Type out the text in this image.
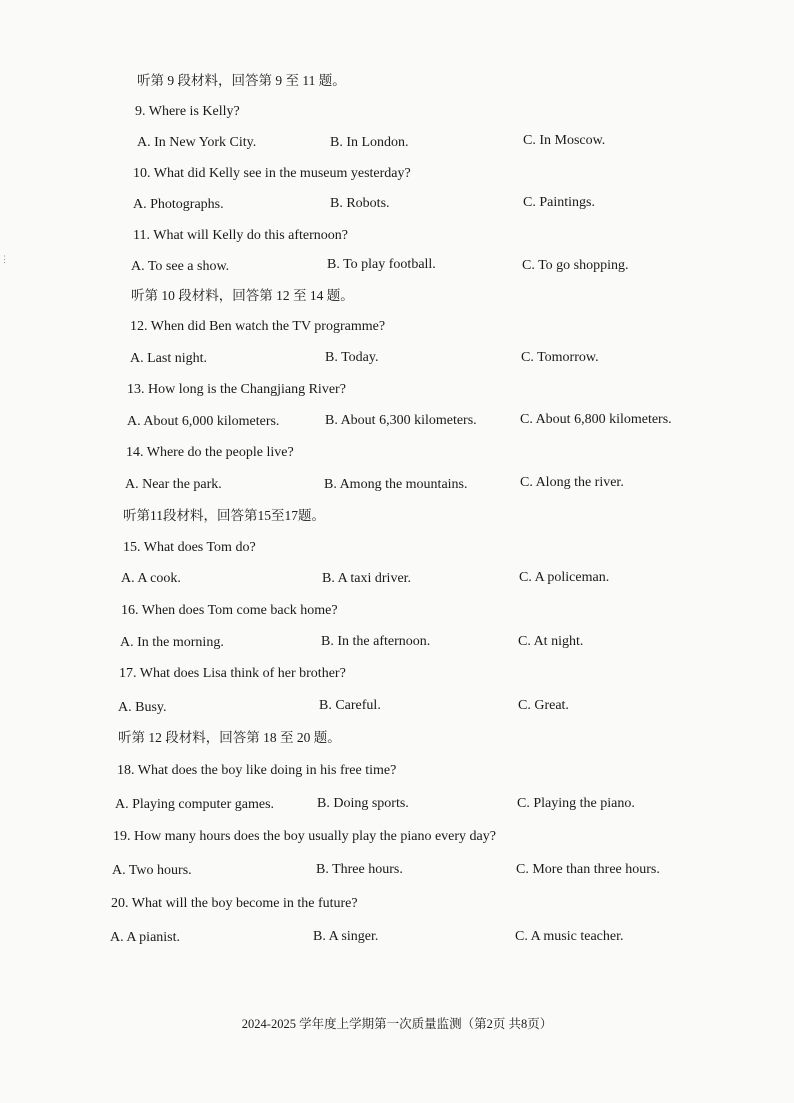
⋮
听第 9 段材料，回答第 9 至 11 题。
9. Where is Kelly?
A. In New York City.	B. In London.	C. In Moscow.
10. What did Kelly see in the museum yesterday?
A. Photographs.	B. Robots.	C. Paintings.
11. What will Kelly do this afternoon?
A. To see a show.	B. To play football.	C. To go shopping.
听第 10 段材料，回答第 12 至 14 题。
12. When did Ben watch the TV programme?
A. Last night.	B. Today.	C. Tomorrow.
13. How long is the Changjiang River?
A. About 6,000 kilometers.	B. About 6,300 kilometers.	C. About 6,800 kilometers.
14. Where do the people live?
A. Near the park.	B. Among the mountains.	C. Along the river.
听第11段材料，回答第15至17题。
15. What does Tom do?
A. A cook.	B. A taxi driver.	C. A policeman.
16. When does Tom come back home?
A. In the morning.	B. In the afternoon.	C. At night.
17. What does Lisa think of her brother?
A. Busy.	B. Careful.	C. Great.
听第 12 段材料，回答第 18 至 20 题。
18. What does the boy like doing in his free time?
A. Playing computer games.	B. Doing sports.	C. Playing the piano.
19. How many hours does the boy usually play the piano every day?
A. Two hours.	B. Three hours.	C. More than three hours.
20. What will the boy become in the future?
A. A pianist.	B. A singer.	C. A music teacher.
2024-2025 学年度上学期第一次质量监测（第2页 共8页）
